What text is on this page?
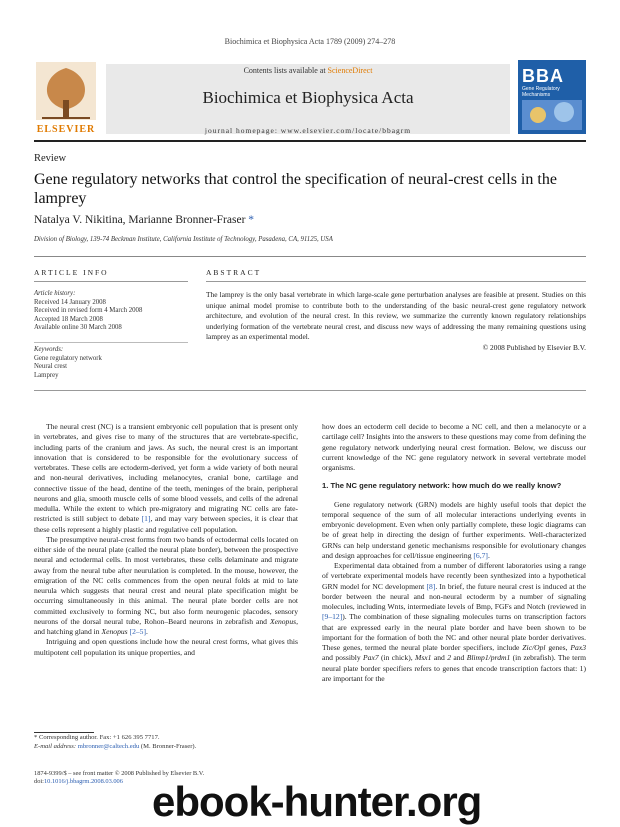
Biochimica et Biophysica Acta 1789 (2009) 274–278
ELSEVIER
Contents lists available at ScienceDirect
Biochimica et Biophysica Acta
journal homepage: www.elsevier.com/locate/bbagrm
BBA
Gene Regulatory Mechanisms
Review
Gene regulatory networks that control the specification of neural-crest cells in the lamprey
Natalya V. Nikitina, Marianne Bronner-Fraser *
Division of Biology, 139-74 Beckman Institute, California Institute of Technology, Pasadena, CA, 91125, USA
ARTICLE INFO
Article history:
Received 14 January 2008
Received in revised form 4 March 2008
Accepted 18 March 2008
Available online 30 March 2008
Keywords:
Gene regulatory network
Neural crest
Lamprey
ABSTRACT
The lamprey is the only basal vertebrate in which large-scale gene perturbation analyses are feasible at present. Studies on this unique animal model promise to contribute both to the understanding of the basic neural-crest gene regulatory network architecture, and evolution of the neural crest. In this review, we summarize the currently known regulatory relationships underlying formation of the vertebrate neural crest, and discuss new ways of addressing the many remaining questions using lamprey as an experimental model.
© 2008 Published by Elsevier B.V.

The neural crest (NC) is a transient embryonic cell population that is present only in vertebrates, and gives rise to many of the structures that are vertebrate-specific, including parts of the cranium and jaws. As such, the neural crest is an important innovation that is considered to be responsible for the evolutionary success of vertebrates. These cells are ectoderm-derived, yet form a wide variety of both neural and non-neural derivatives, including melanocytes, cranial bone, cartilage and connective tissue of the head, dentine of the teeth, meninges of the brain, peripheral neurons and glia, smooth muscle cells of some blood vessels, and cells of the adrenal medulla. While the extent to which pre-migratory and migrating NC cells are fate-restricted is still subject to debate [1], and may vary between species, it is clear that these cells represent a highly plastic and regulative cell population.

The presumptive neural-crest forms from two bands of ectodermal cells located on either side of the neural plate (called the neural plate border), between the prospective neural and ectodermal cells. In most vertebrates, these cells delaminate and migrate away from the neural tube after neurulation is completed. In the mouse, however, the emigration of the NC cells commences from the open neural folds at mid to late neurula which suggests that neural crest and neural plate specification might be occurring simultaneously in this animal. The neural plate border cells are not committed exclusively to forming NC, but also form neurogenic placodes, sensory neurons of the dorsal neural tube, Rohon–Beard neurons in zebrafish and Xenopus, and hatching gland in Xenopus [2–5].

Intriguing and open questions include how the neural crest forms, what gives this multipotent cell population its unique properties, and

how does an ectoderm cell decide to become a NC cell, and then a melanocyte or a cartilage cell? Insights into the answers to these questions may come from defining the gene regulatory network underlying neural crest formation. Below, we discuss our current knowledge of the NC gene regulatory network in several vertebrate model organisms.

1. The NC gene regulatory network: how much do we really know?

Gene regulatory network (GRN) models are highly useful tools that depict the temporal sequence of the sum of all molecular interactions underlying events in embryonic development. Even when only partially complete, these logic diagrams can be of great help in directing the design of further experiments. Well-characterized GRNs can help understand genetic mechanisms responsible for evolutionary changes and design approaches for cell/tissue engineering [6,7].

Experimental data obtained from a number of different laboratories using a range of vertebrate experimental models have recently been synthesized into a hypothetical GRN model for NC development [8]. In brief, the future neural crest is induced at the border between the neural and non-neural ectoderm by a number of signaling molecules, including Wnts, intermediate levels of Bmp, FGFs and Notch (reviewed in [9–12]). The combination of these signaling molecules turns on transcription factors that are expressed early in the neural plate border and have been shown to be important for the formation of both the NC and other neural plate border derivatives. These genes, termed the neural plate border specifiers, include Zic/Opl genes, Pax3 and possibly Pax7 (in chick), Msx1 and 2 and Blimp1/prdm1 (in zebrafish). The term neural plate border specifiers refers to genes that encode transcription factors that: 1) are important for the

* Corresponding author. Fax: +1 626 395 7717.
E-mail address: mbronner@caltech.edu (M. Bronner-Fraser).
1874-9399/$ – see front matter © 2008 Published by Elsevier B.V.
doi:10.1016/j.bbagrm.2008.03.006 ebook-hunter.org
